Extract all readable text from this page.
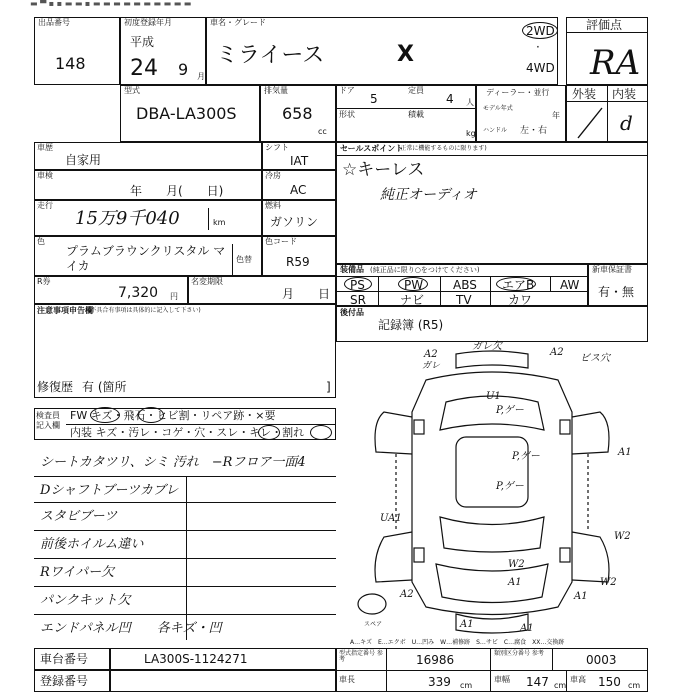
▬ ▀ ▪ ▪ ▬ ▬ ▪ ▬ ▬ ▬ ▬ ▬ ▬ ▬ ▬ ▬ ▬
出品番号
148
初度登録年月
平成
24 9 月
車名・グレード
ミライース	X
2WD
·
4WD
評価点
RA
型式
DBA-LA300S
排気量
658
cc
ドア
5
定員
4 人
形状	積載
kg
ディーラー・並行
モデル年式
年
ハンドル 左・右
外装 内装
d
車歴
自家用
車検
年　　月(　　日)
走行
15万9千040	km
色
プラムブラウンクリスタル マイカ	色替
R券
7,320 円
名変期限
月　　日
注意事項申告欄
(不具合有事項は具体的に記入して下さい)
修復歴 有 (箇所	]
検査員記入欄
FW キズ・飛石・ヒビ割・リペア跡・×要
内装 キズ・汚レ・コゲ・穴・スレ・キレ・割れ
シートカタツリ、シミ 汚れ　−Rフロア一面4
Dシャフトブーツカブレ
スタビブーツ
前後ホイルム違い
Rワイパー欠
パンクキット欠
エンドパネル凹　　各キズ・凹
シフト
IAT
冷房
AC
燃料
ガソリン
色コード
R59
セールスポイント
(正常に機能するものに限ります)
☆キーレス
純正オーディオ
装備品 (純正品に限り○をつけてください)
PS	PW ABS エアB AW
SR	ナビ	TV	カワ
新車保証書
有・無
後付品
記録簿 (R5)
スペア
A2
ガレ
ガレ欠
A2
ビス穴
U1
P,ゲー
P,ゲー	A1
P,ゲー
UA1
W2
W2
A1
A1
A2	A1
A1
W2
A…キズ　E…エクボ　U…凹み　W…補修跡　S…サビ　C…腐食　XX…交換跡
車台番号	LA300S-1124271
登録番号
型式指定番号 参考	16986	類別区分番号 参考	0003
車長	339 cm
車幅 147 cm
車高 150 cm
